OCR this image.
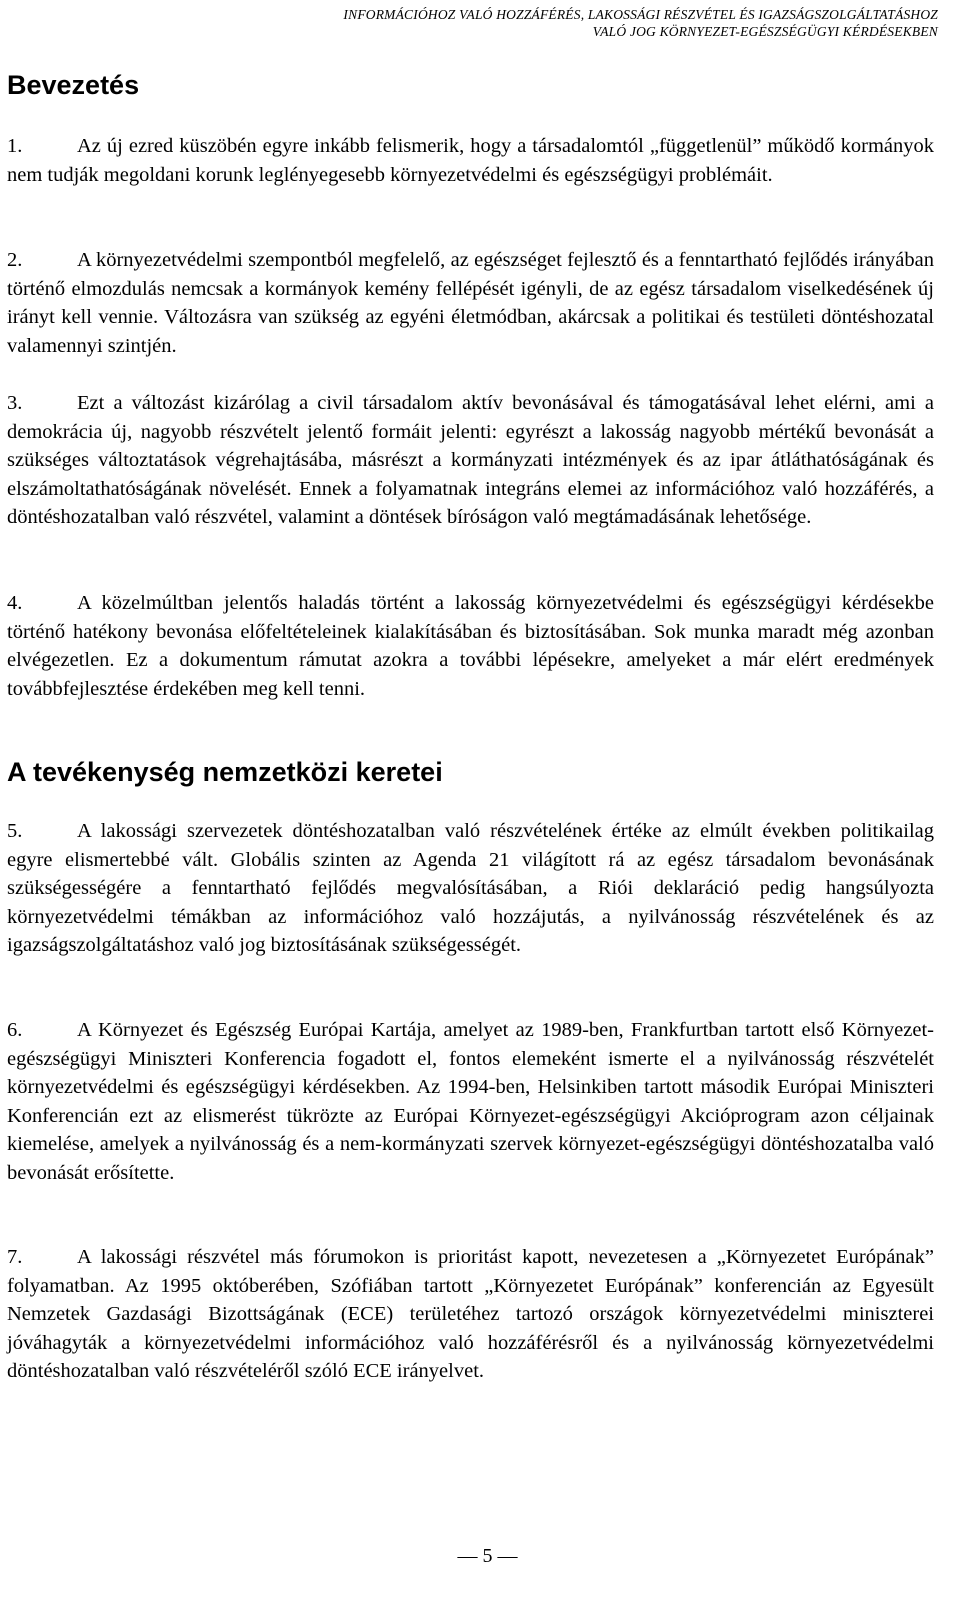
INFORMÁCIÓHOZ VALÓ HOZZÁFÉRÉS, LAKOSSÁGI RÉSZVÉTEL ÉS IGAZSÁGSZOLGÁLTATÁSHOZ
VALÓ JOG KÖRNYEZET-EGÉSZSÉGÜGYI KÉRDÉSEKBEN
Bevezetés

1.	Az új ezred küszöbén egyre inkább felismerik, hogy a társadalomtól „függetlenül” működő kormányok nem tudják megoldani korunk leglényegesebb környezetvédelmi és egészségügyi problémáit.

2.	A környezetvédelmi szempontból megfelelő, az egészséget fejlesztő és a fenntartható fejlődés irányában történő elmozdulás nemcsak a kormányok kemény fellépését igényli, de az egész társadalom viselkedésének új irányt kell vennie. Változásra van szükség az egyéni életmódban, akárcsak a politikai és testületi döntéshozatal valamennyi szintjén.

3.	Ezt a változást kizárólag a civil társadalom aktív bevonásával és támogatásával lehet elérni, ami a demokrácia új, nagyobb részvételt jelentő formáit jelenti: egyrészt a lakosság nagyobb mértékű bevonását a szükséges változtatások végrehajtásába, másrészt a kormányzati intézmények és az ipar átláthatóságának és elszámoltathatóságának növelését. Ennek a folyamatnak integráns elemei az információhoz való hozzáférés, a döntéshozatalban való részvétel, valamint a döntések bíróságon való megtámadásának lehetősége.

4.	A közelmúltban jelentős haladás történt a lakosság környezetvédelmi és egészségügyi kérdésekbe történő hatékony bevonása előfeltételeinek kialakításában és biztosításában. Sok munka maradt még azonban elvégezetlen. Ez a dokumentum rámutat azokra a további lépésekre, amelyeket a már elért eredmények továbbfejlesztése érdekében meg kell tenni.

A tevékenység nemzetközi keretei

5.	A lakossági szervezetek döntéshozatalban való részvételének értéke az elmúlt években politikailag egyre elismertebbé vált. Globális szinten az Agenda 21 világított rá az egész társadalom bevonásának szükségességére a fenntartható fejlődés megvalósításában, a Riói deklaráció pedig hangsúlyozta környezetvédelmi témákban az információhoz való hozzájutás, a nyilvánosság részvételének és az igazságszolgáltatáshoz való jog biztosításának szükségességét.

6.	A Környezet és Egészség Európai Kartája, amelyet az 1989-ben, Frankfurtban tartott első Környezet-egészségügyi Miniszteri Konferencia fogadott el, fontos elemeként ismerte el a nyilvánosság részvételét környezetvédelmi és egészségügyi kérdésekben. Az 1994-ben, Helsinkiben tartott második Európai Miniszteri Konferencián ezt az elismerést tükrözte az Európai Környezet-egészségügyi Akcióprogram azon céljainak kiemelése, amelyek a nyilvánosság és a nem-kormányzati szervek környezet-egészségügyi döntéshozatalba való bevonását erősítette.

7.	A lakossági részvétel más fórumokon is prioritást kapott, nevezetesen a „Környezetet Európának” folyamatban. Az 1995 októberében, Szófiában tartott „Környezetet Európának” konferencián az Egyesült Nemzetek Gazdasági Bizottságának (ECE) területéhez tartozó országok környezetvédelmi miniszterei jóváhagyták a környezetvédelmi információhoz való hozzáférésről és a nyilvánosság környezetvédelmi döntéshozatalban való részvételéről szóló ECE irányelvet.

— 5 —
